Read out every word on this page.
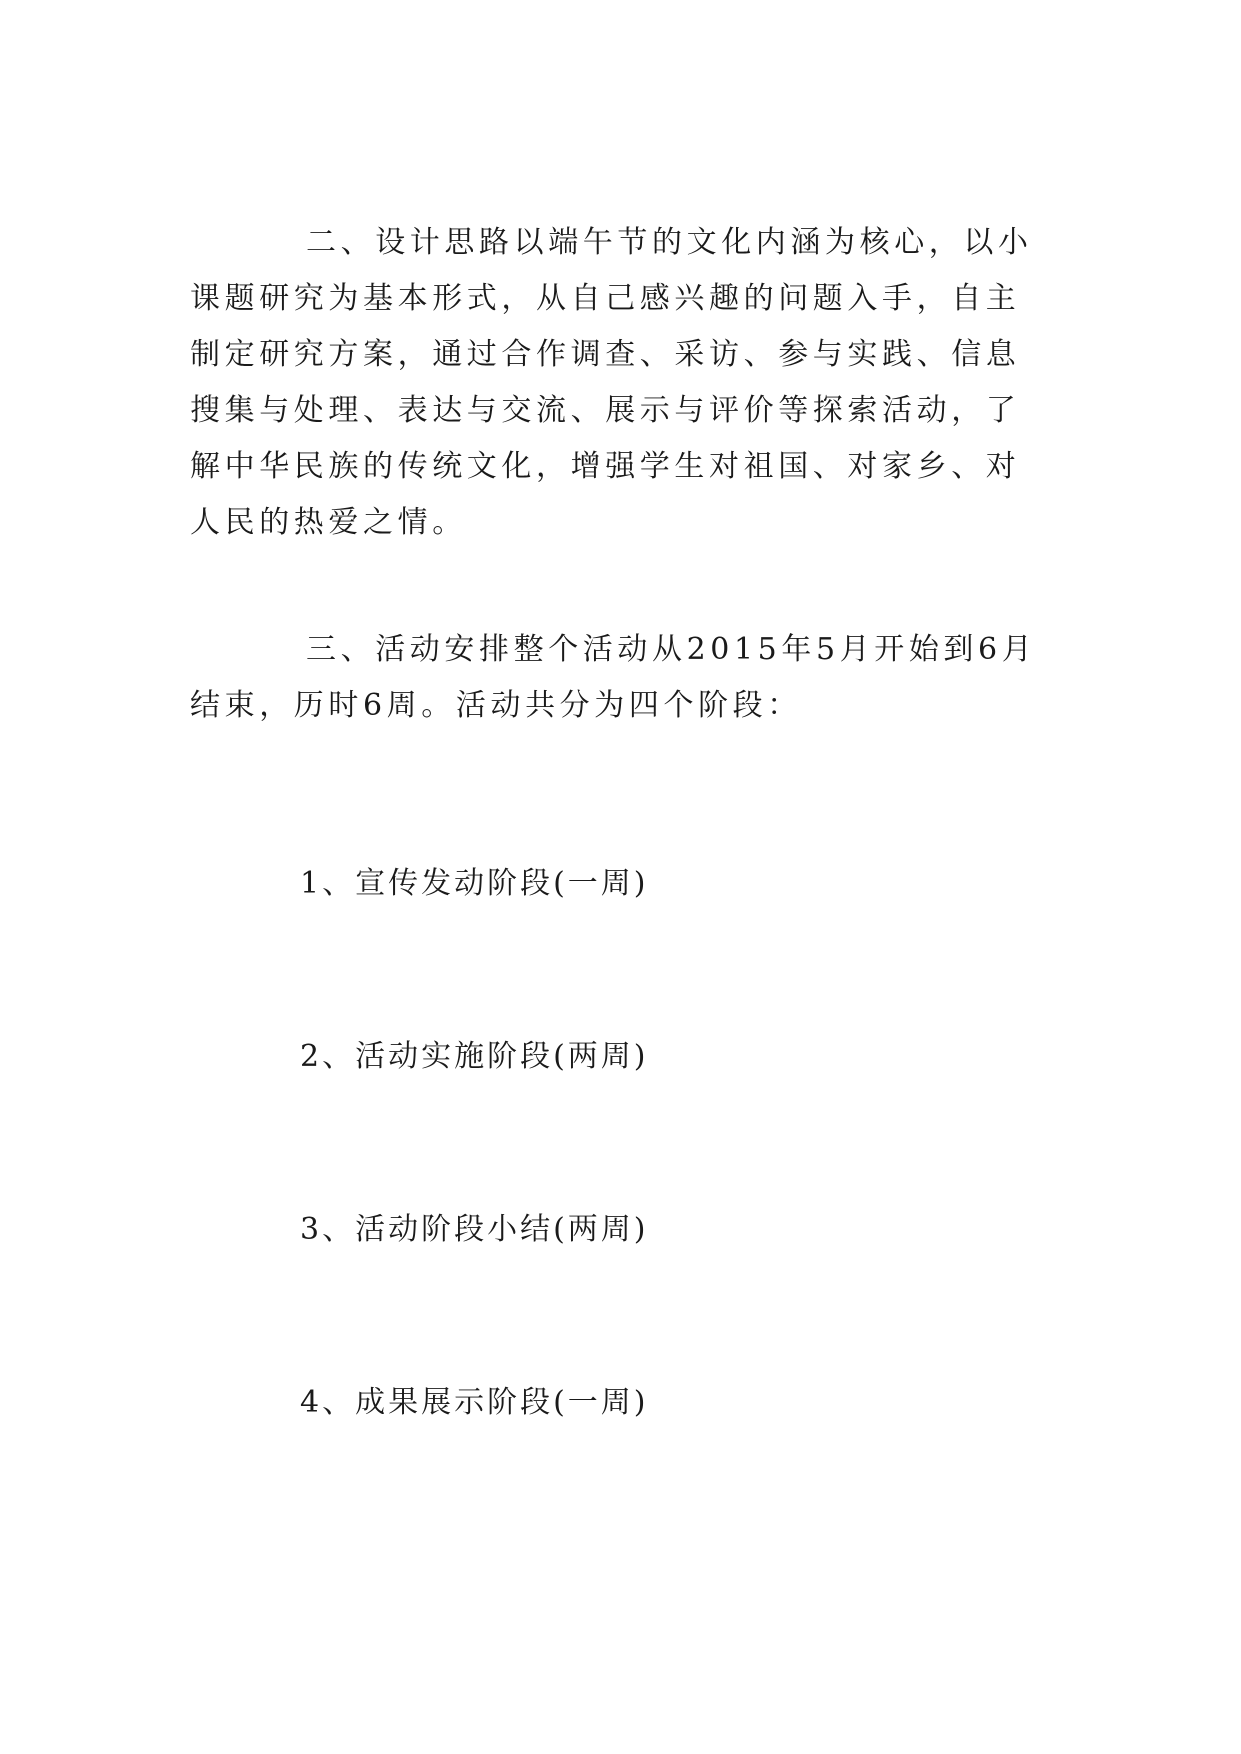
二、设计思路以端午节的文化内涵为核心，以小课题研究为基本形式，从自己感兴趣的问题入手，自主制定研究方案，通过合作调查、采访、参与实践、信息搜集与处理、表达与交流、展示与评价等探索活动，了解中华民族的传统文化，增强学生对祖国、对家乡、对人民的热爱之情。

三、活动安排整个活动从2015年5月开始到6月结束，历时6周。活动共分为四个阶段：

1、宣传发动阶段(一周)

2、活动实施阶段(两周)

3、活动阶段小结(两周)

4、成果展示阶段(一周)
